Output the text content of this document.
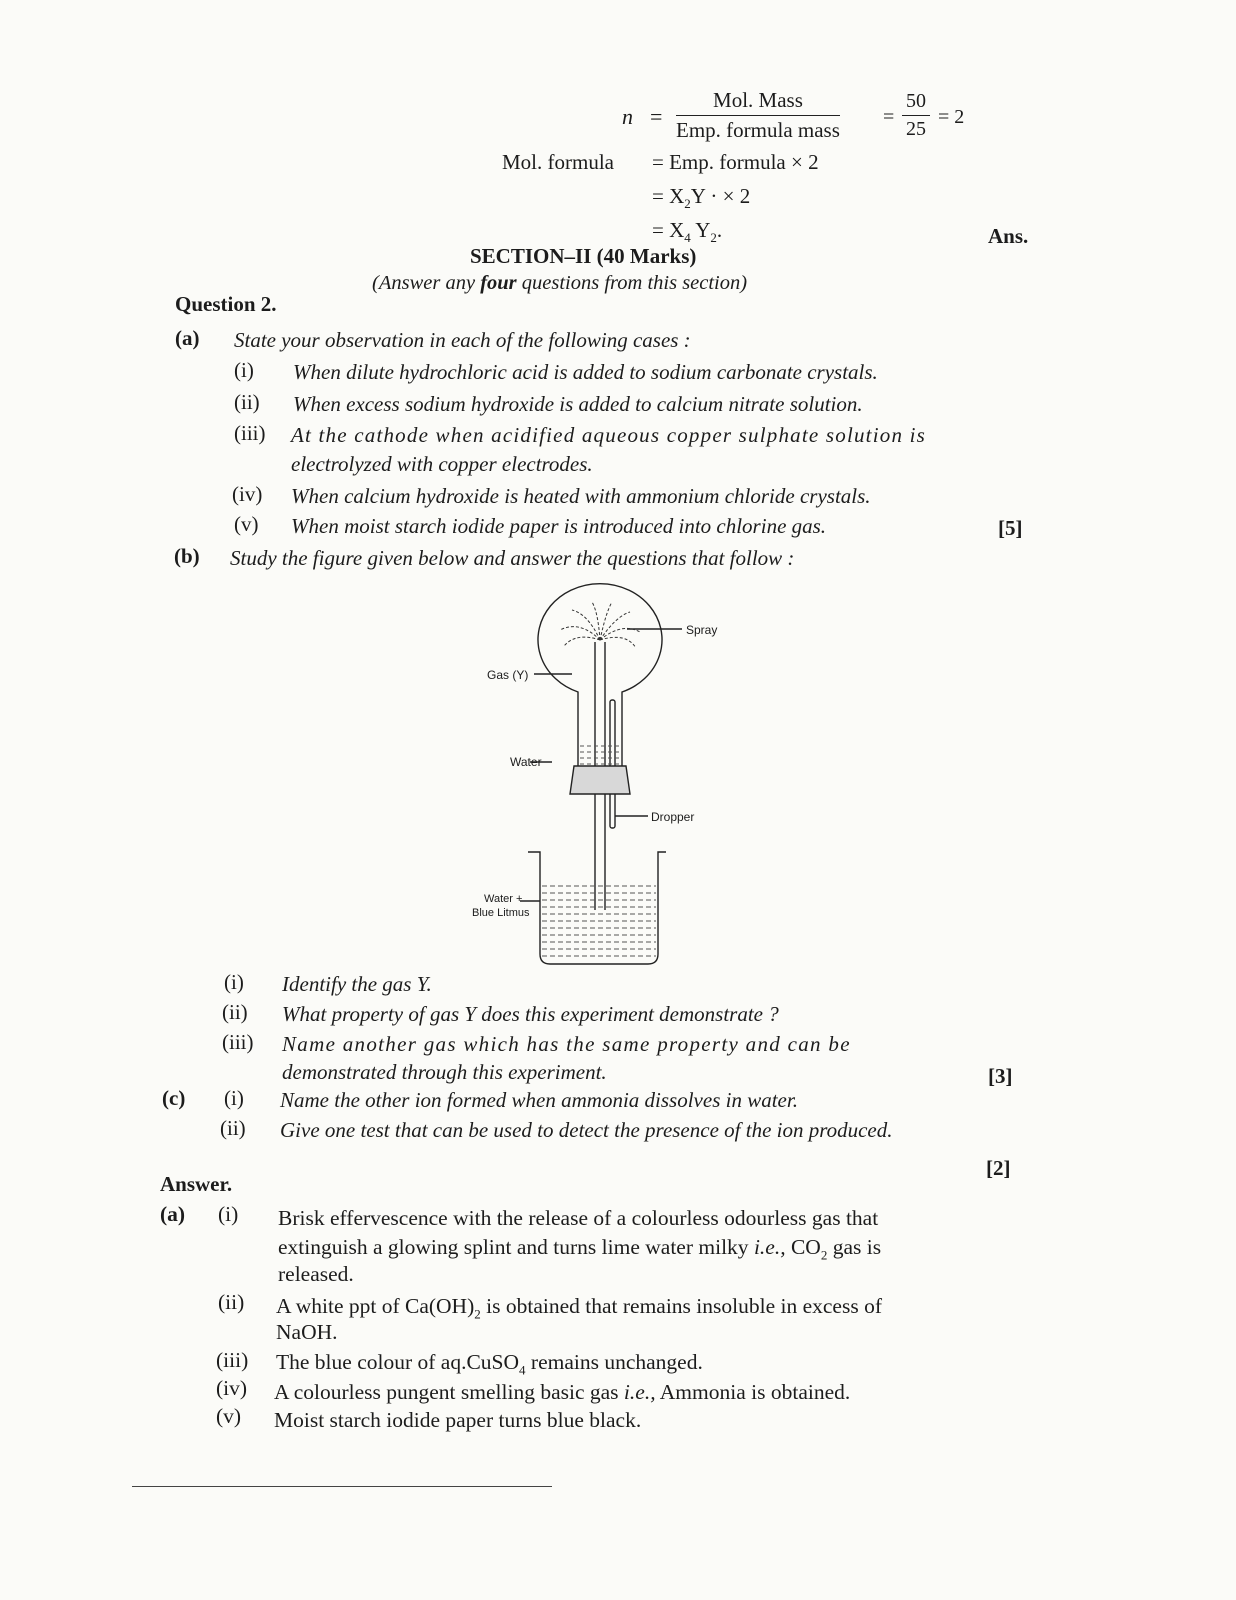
n =
Mol. Mass
Emp. formula mass
= $\frac{50}{25} = 2$
Mol. formula = Emp. formula × 2
= $X_2Y$ · × 2
= $X_4$ $Y_2$.	Ans.
SECTION–II (40 Marks)
(Answer any four questions from this section)
Question 2.
(a) State your observation in each of the following cases :
(i) When dilute hydrochloric acid is added to sodium carbonate crystals.
(ii) When excess sodium hydroxide is added to calcium nitrate solution.
(iii) At the cathode when acidified aqueous copper sulphate solution is
electrolyzed with copper electrodes.
(iv) When calcium hydroxide is heated with ammonium chloride crystals.
(v) When moist starch iodide paper is introduced into chlorine gas.	[5]
(b) Study the figure given below and answer the questions that follow :
Spray
Gas (Y)
Water
Dropper
Water +
Blue Litmus
(i) Identify the gas Y.
(ii) What property of gas Y does this experiment demonstrate ?
(iii) Name another gas which has the same property and can be
demonstrated through this experiment.	[3]
(c) (i) Name the other ion formed when ammonia dissolves in water.
(ii) Give one test that can be used to detect the presence of the ion produced.
[2]
Answer.
(a) (i) Brisk effervescence with the release of a colourless odourless gas that
extinguish a glowing splint and turns lime water milky i.e., $CO_2$ gas is
released.
(ii) A white ppt of $Ca(OH)_2$ is obtained that remains insoluble in excess of
NaOH.
(iii) The blue colour of aq.CuSO$_4$ remains unchanged.
(iv) A colourless pungent smelling basic gas i.e., Ammonia is obtained.
(v) Moist starch iodide paper turns blue black.
